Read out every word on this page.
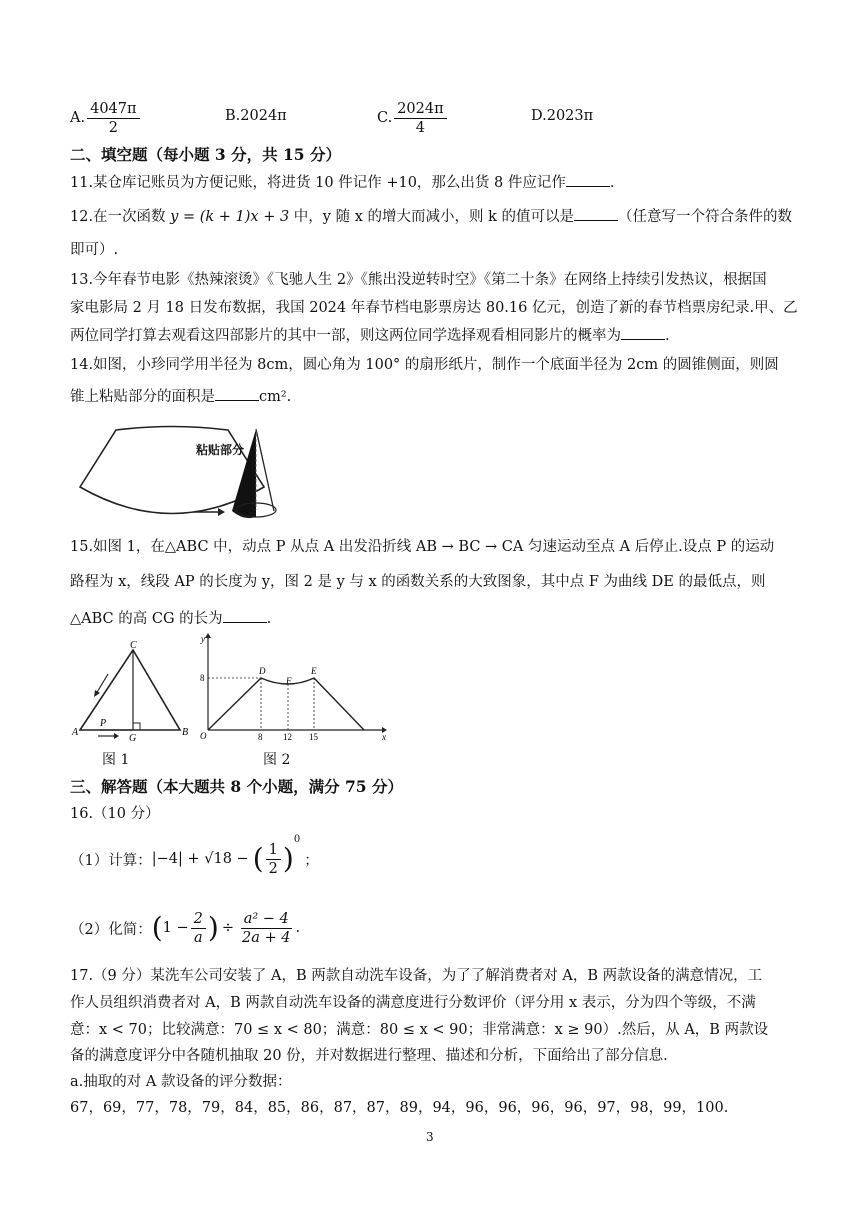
A. $\frac{4047\pi}{2}$	B.2024π	C. $\frac{2024\pi}{4}$	D.2023π
二、填空题（每小题 3 分，共 15 分）
11.某仓库记账员为方便记账，将进货 10 件记作 +10，那么出货 8 件应记作	.
12.在一次函数 y = (k + 1)x + 3 中，y 随 x 的增大而减小，则 k 的值可以是	（任意写一个符合条件的数
即可）.
13.今年春节电影《热辣滚烫》《飞驰人生 2》《熊出没逆转时空》《第二十条》在网络上持续引发热议，根据国
家电影局 2 月 18 日发布数据，我国 2024 年春节档电影票房达 80.16 亿元，创造了新的春节档票房纪录.甲、乙
两位同学打算去观看这四部影片的其中一部，则这两位同学选择观看相同影片的概率为	.
14.如图，小珍同学用半径为 8cm，圆心角为 100° 的扇形纸片，制作一个底面半径为 2cm 的圆锥侧面，则圆
锥上粘贴部分的面积是	cm².
粘贴部分
15.如图 1，在△ABC 中，动点 P 从点 A 出发沿折线 AB → BC → CA 匀速运动至点 A 后停止.设点 P 的运动
路程为 x，线段 AP 的长度为 y，图 2 是 y 与 x 的函数关系的大致图象，其中点 F 为曲线 DE 的最低点，则
△ABC 的高 CG 的长为	.
C
A	B
G
P
图 1
y
x
O
8
8 12 15
D
F
E
图 2
三、解答题（本大题共 8 个小题，满分 75 分）
16.（10 分）
（1）计算： |−4| + √18 − ( $\frac{1}{2}$ )
0
；
（2）化简： ( $1 - \frac{2}{a}$ ) ÷ $\frac{\text{a² − 4}}{2a + 4}$ .
17.（9 分）某洗车公司安装了 A，B 两款自动洗车设备，为了了解消费者对 A，B 两款设备的满意情况，工
作人员组织消费者对 A，B 两款自动洗车设备的满意度进行分数评价（评分用 x 表示，分为四个等级，不满
意：x < 70；比较满意：70 ≤ x < 80；满意：80 ≤ x < 90；非常满意：x ≥ 90）.然后，从 A，B 两款设
备的满意度评分中各随机抽取 20 份，并对数据进行整理、描述和分析，下面给出了部分信息.
a.抽取的对 A 款设备的评分数据：
67，69，77，78，79，84，85，86，87，87，89，94，96，96，96，96，97，98，99，100.
3
